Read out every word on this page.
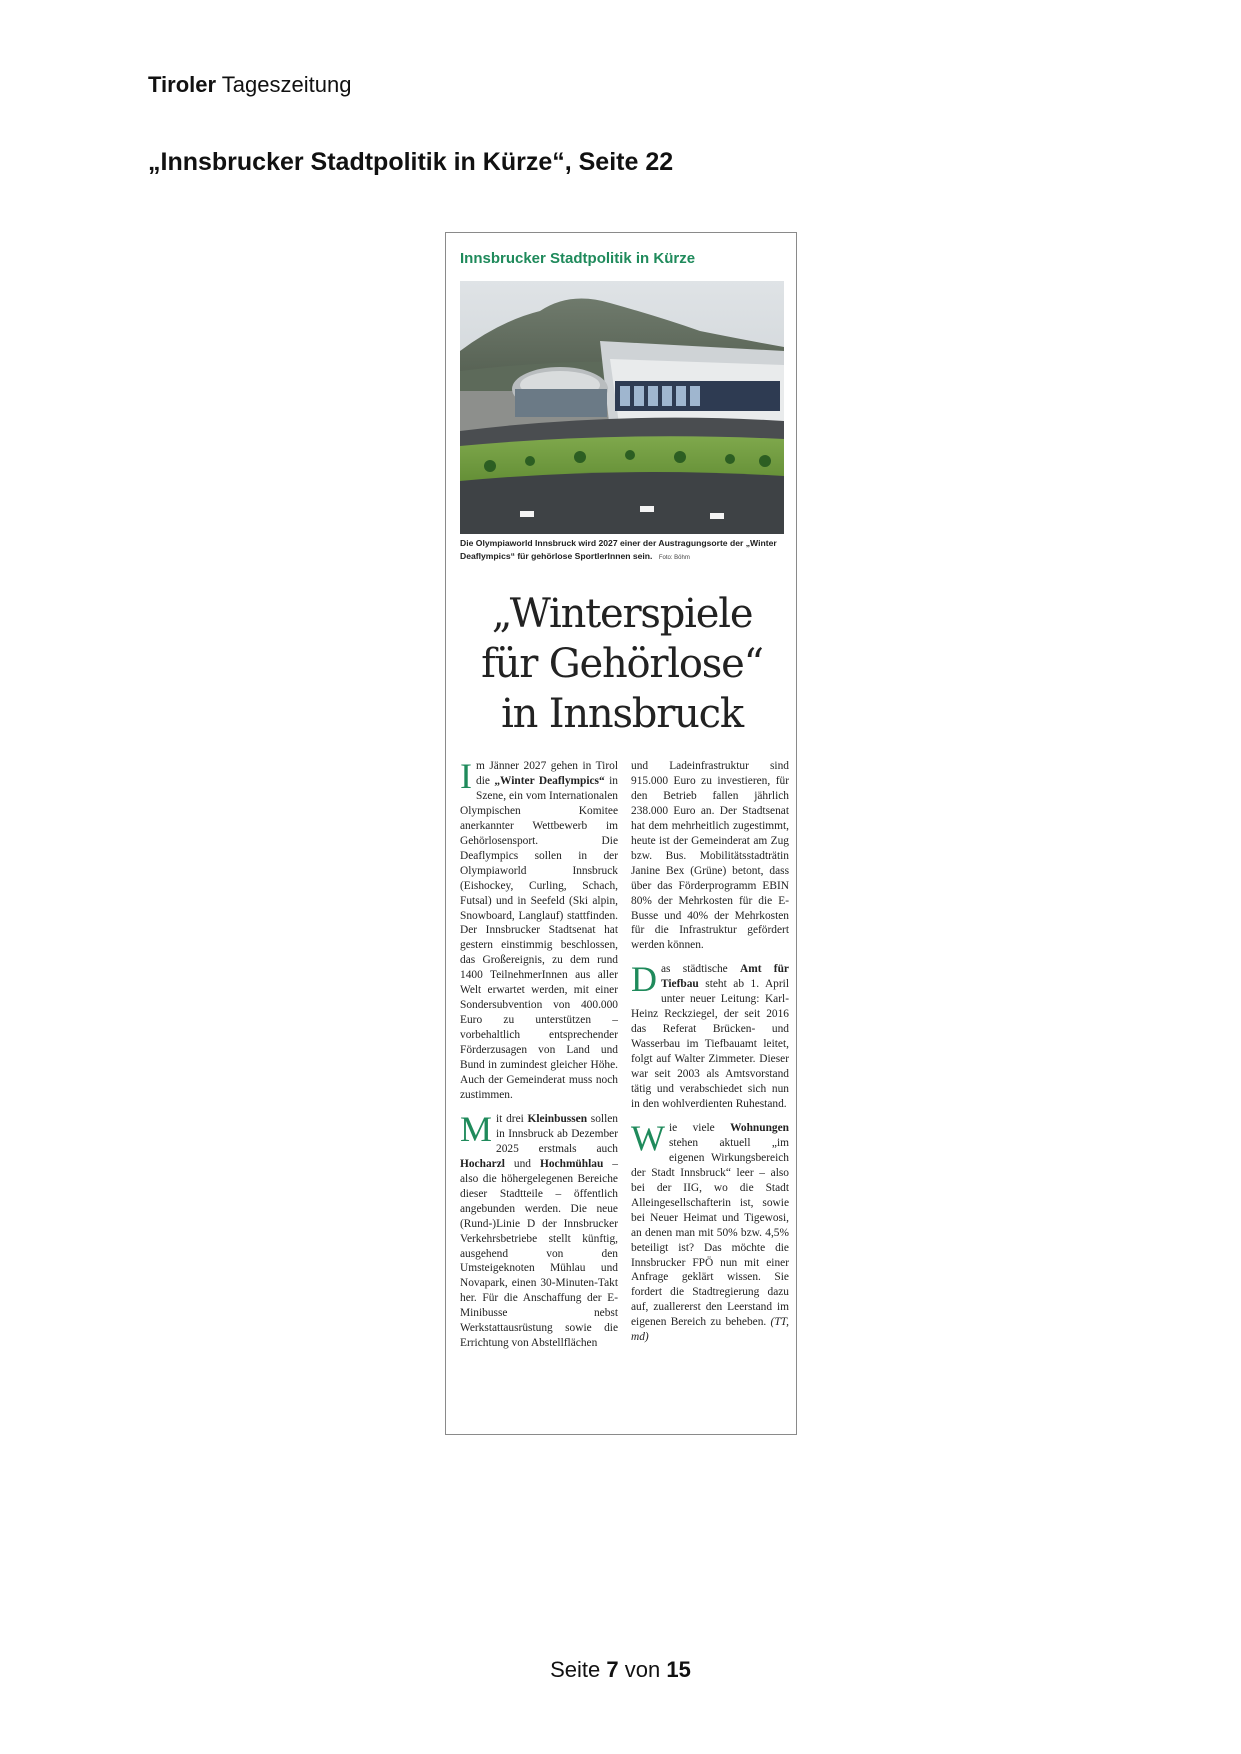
Tiroler Tageszeitung
„Innsbrucker Stadtpolitik in Kürze“, Seite 22
Innsbrucker Stadtpolitik in Kürze
Die Olympiaworld Innsbruck wird 2027 einer der Austragungsorte der „Winter Deaflympics“ für gehörlose SportlerInnen sein. Foto: Böhm
„Winterspiele
für Gehörlose“
in Innsbruck

Im Jänner 2027 gehen in Tirol die „Winter Deaflympics“ in Szene, ein vom Internationalen Olympischen Komitee anerkannter Wettbewerb im Gehörlosensport. Die Deaflympics sollen in der Olympiaworld Innsbruck (Eishockey, Curling, Schach, Futsal) und in Seefeld (Ski alpin, Snowboard, Langlauf) stattfinden. Der Innsbrucker Stadtsenat hat gestern einstimmig beschlossen, das Großereignis, zu dem rund 1400 TeilnehmerInnen aus aller Welt erwartet werden, mit einer Sondersubvention von 400.000 Euro zu unterstützen – vorbehaltlich entsprechender Förderzusagen von Land und Bund in zumindest gleicher Höhe. Auch der Gemeinderat muss noch zustimmen.

Mit drei Kleinbussen sollen in Innsbruck ab Dezember 2025 erstmals auch Hocharzl und Hochmühlau – also die höhergelegenen Bereiche dieser Stadtteile – öffentlich angebunden werden. Die neue (Rund-)Linie D der Innsbrucker Verkehrsbetriebe stellt künftig, ausgehend von den Umsteigeknoten Mühlau und Novapark, einen 30-Minuten-Takt her. Für die Anschaffung der E-Minibusse nebst Werkstattausrüstung sowie die Errichtung von Abstellflächen

und Ladeinfrastruktur sind 915.000 Euro zu investieren, für den Betrieb fallen jährlich 238.000 Euro an. Der Stadtsenat hat dem mehrheitlich zugestimmt, heute ist der Gemeinderat am Zug bzw. Bus. Mobilitätsstadträtin Janine Bex (Grüne) betont, dass über das Förderprogramm EBIN 80% der Mehrkosten für die E-Busse und 40% der Mehrkosten für die Infrastruktur gefördert werden können.

Das städtische Amt für Tiefbau steht ab 1. April unter neuer Leitung: Karl-Heinz Reckziegel, der seit 2016 das Referat Brücken- und Wasserbau im Tiefbauamt leitet, folgt auf Walter Zimmeter. Dieser war seit 2003 als Amtsvorstand tätig und verabschiedet sich nun in den wohlverdienten Ruhestand.

Wie viele Wohnungen stehen aktuell „im eigenen Wirkungsbereich der Stadt Innsbruck“ leer – also bei der IIG, wo die Stadt Alleingesellschafterin ist, sowie bei Neuer Heimat und Tigewosi, an denen man mit 50% bzw. 4,5% beteiligt ist? Das möchte die Innsbrucker FPÖ nun mit einer Anfrage geklärt wissen. Sie fordert die Stadtregierung dazu auf, zuallererst den Leerstand im eigenen Bereich zu beheben. (TT, md)

Seite 7 von 15
